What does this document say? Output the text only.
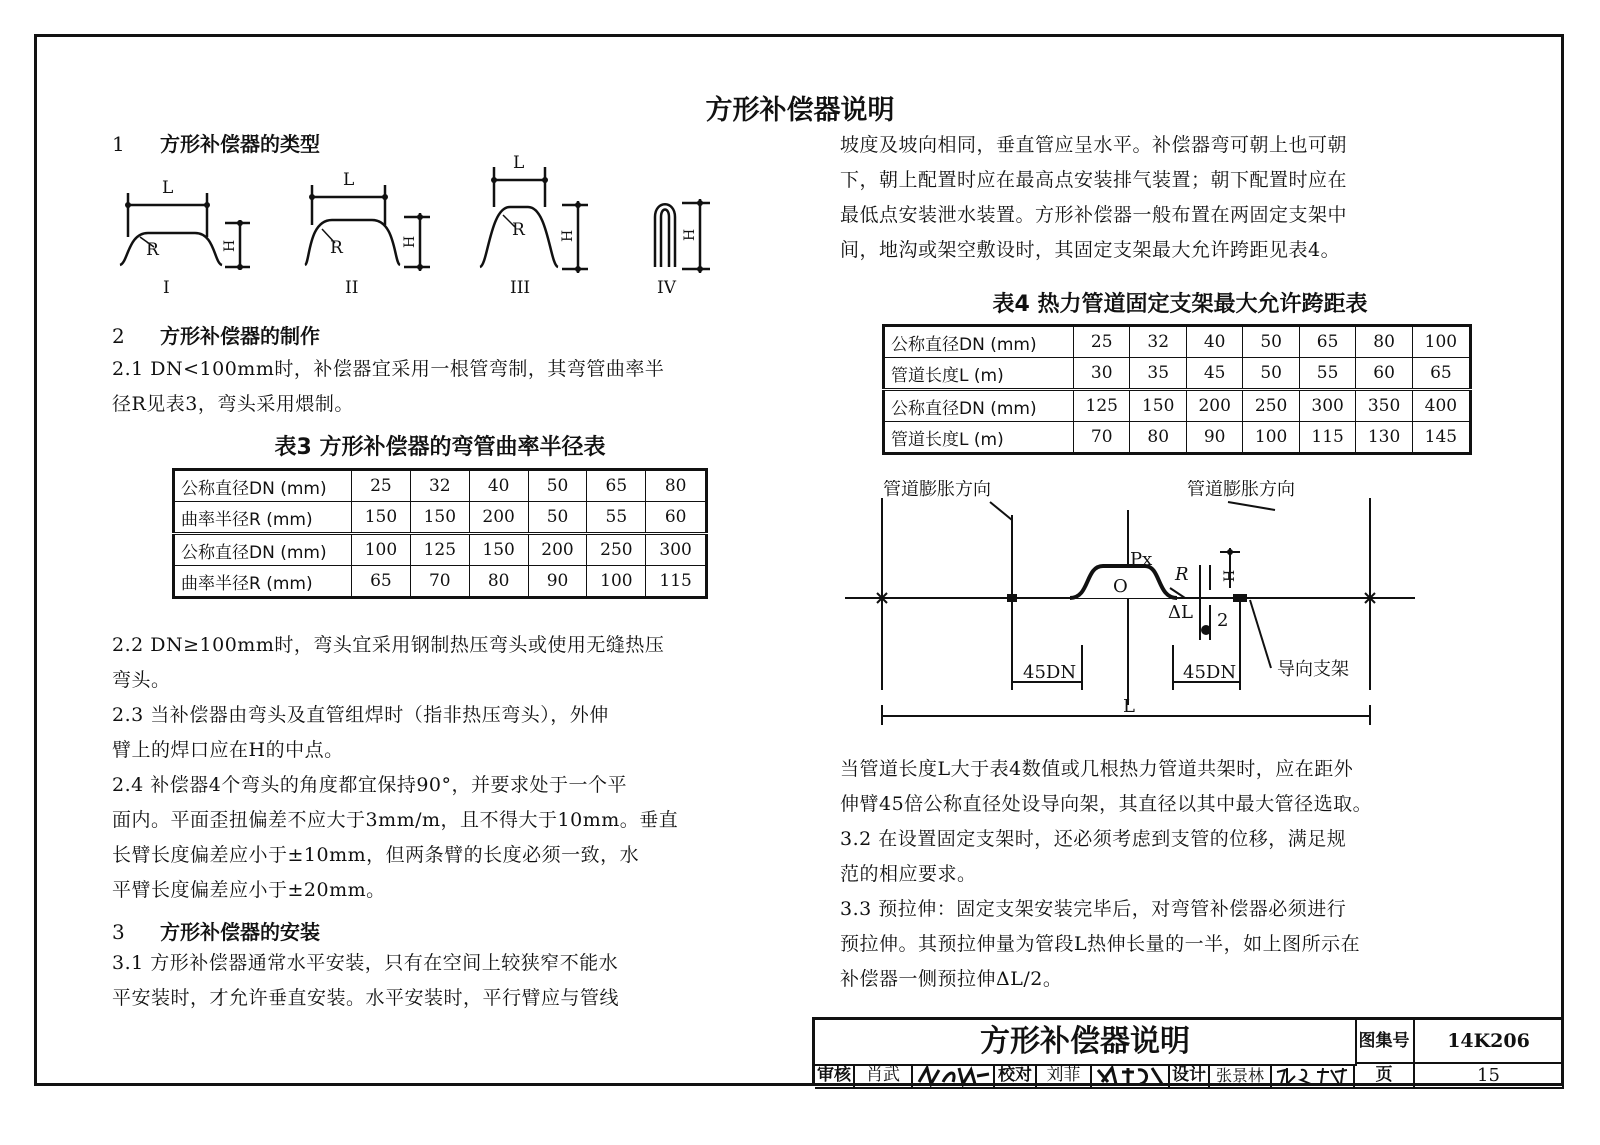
方形补偿器说明
1 方形补偿器的类型
L	L
L
R	R
R
H	H	H	H
I	II	III	IV
2 方形补偿器的制作
2.1 DN<100mm时，补偿器宜采用一根管弯制，其弯管曲率半
径R见表3，弯头采用煨制。
表3 方形补偿器的弯管曲率半径表
公称直径DN (mm)	25	32	40	50	65	80
曲率半径R (mm)	150	150	200	50	55	60
公称直径DN (mm)	100	125	150	200	250	300
曲率半径R (mm)	65	70	80	90	100	115
2.2 DN≥100mm时，弯头宜采用钢制热压弯头或使用无缝热压
弯头。
2.3 当补偿器由弯头及直管组焊时（指非热压弯头），外伸
臂上的焊口应在H的中点。
2.4 补偿器4个弯头的角度都宜保持90°，并要求处于一个平
面内。平面歪扭偏差不应大于3mm/m，且不得大于10mm。垂直
长臂长度偏差应小于±10mm，但两条臂的长度必须一致，水
平臂长度偏差应小于±20mm。
3 方形补偿器的安装
3.1 方形补偿器通常水平安装，只有在空间上较狭窄不能水
平安装时，才允许垂直安装。水平安装时，平行臂应与管线
坡度及坡向相同，垂直管应呈水平。补偿器弯可朝上也可朝
下，朝上配置时应在最高点安装排气装置；朝下配置时应在
最低点安装泄水装置。方形补偿器一般布置在两固定支架中
间，地沟或架空敷设时，其固定支架最大允许跨距见表4。
表4 热力管道固定支架最大允许跨距表
公称直径DN (mm)	25	32	40	50	65	80	100
管道长度L (m)	30	35	45	50	55	60	65
公称直径DN (mm)	125	150	200	250	300	350	400
管道长度L (m)	70	80	90	100	115	130	145
管道膨胀方向	管道膨胀方向
Px
R
O
H
ΔL 2
45DN	45DN
L
导向支架
当管道长度L大于表4数值或几根热力管道共架时，应在距外
伸臂45倍公称直径处设导向架，其直径以其中最大管径选取。
3.2 在设置固定支架时，还必须考虑到支管的位移，满足规
范的相应要求。
3.3 预拉伸：固定支架安装完毕后，对弯管补偿器必须进行
预拉伸。其预拉伸量为管段L热伸长量的一半，如上图所示在
补偿器一侧预拉伸ΔL/2。
方形补偿器说明	图集号	14K206
审核 肖武	校对 刘菲	设计 张景林	页	15
